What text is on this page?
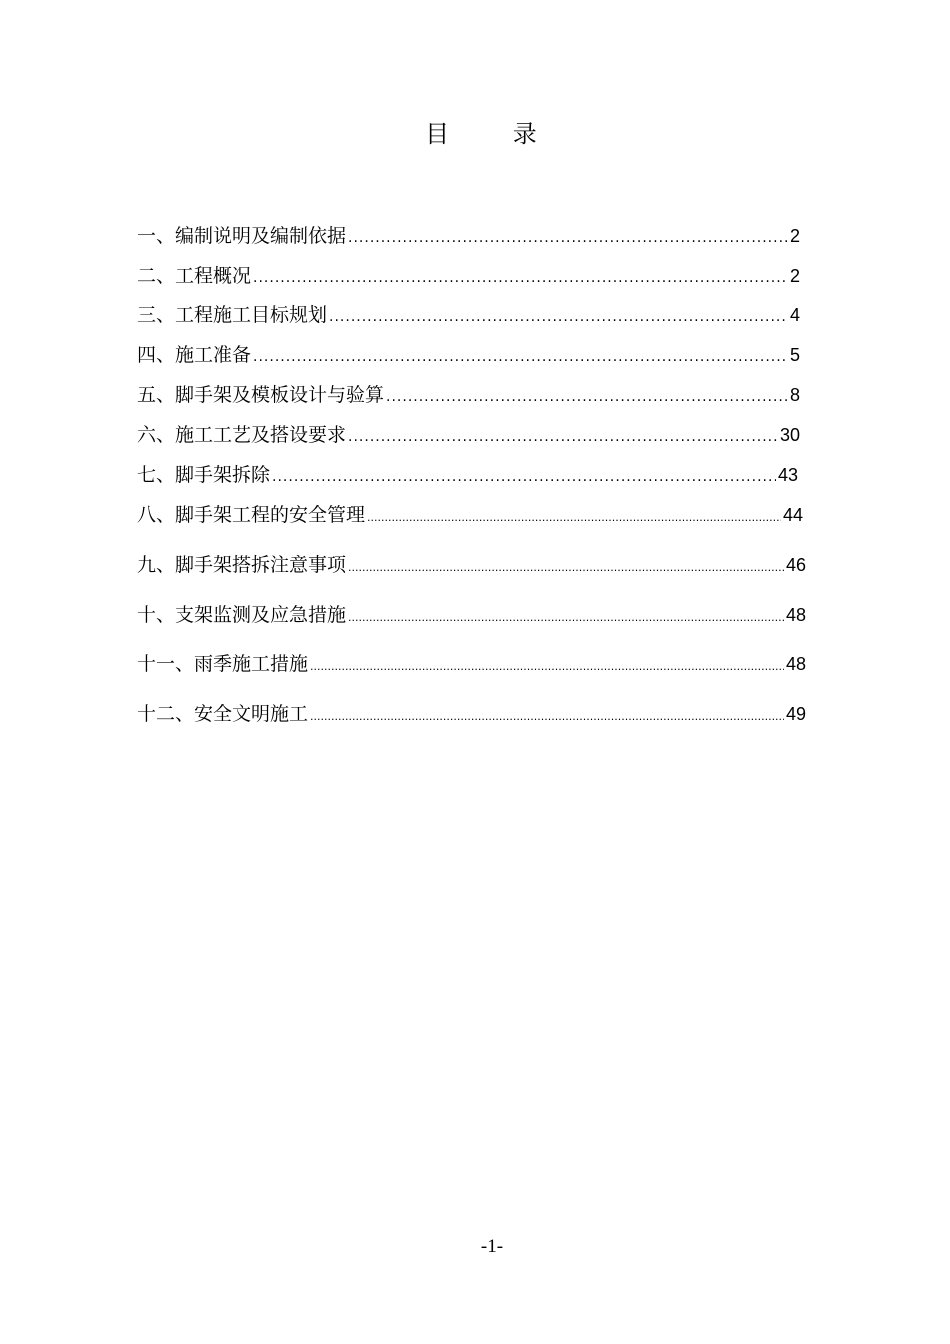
目 录
一、编制说明及编制依据 .....	2
二、工程概况 .....	2
三、工程施工目标规划 .....	4
四、施工准备 .....	5
五、脚手架及模板设计与验算 .....	8
六、施工工艺及搭设要求 .....	30
七、脚手架拆除 .....	43
八、脚手架工程的安全管理 .....	44
九、脚手架搭拆注意事项 .....	46
十、支架监测及应急措施 .....	48
十一、雨季施工措施 .....	48
十二、安全文明施工 .....	49
-1-
